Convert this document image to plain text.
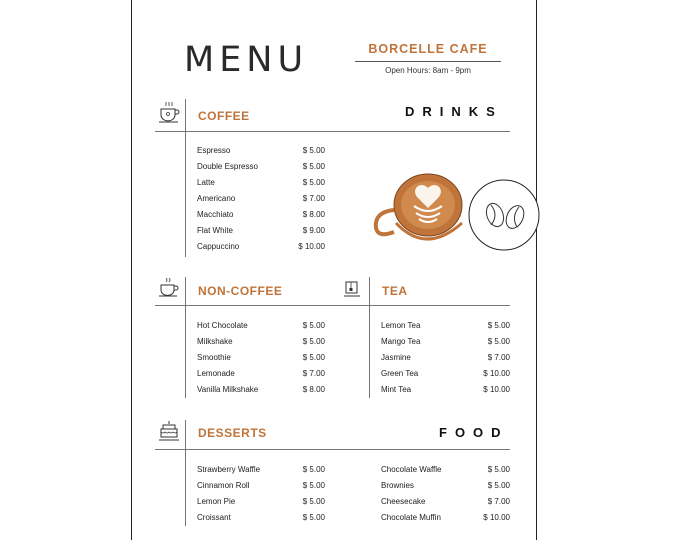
MENU	BORCELLE CAFE
Open Hours: 8am - 9pm
COFFEE	DRINKS
Espresso	$ 5.00
Double Espresso	$ 5.00
Latte	$ 5.00
Americano	$ 7.00
Macchiato	$ 8.00
Flat White	$ 9.00
Cappuccino	$ 10.00
NON-COFFEE
Hot Chocolate	$ 5.00
Milkshake	$ 5.00
Smoothie	$ 5.00
Lemonade	$ 7.00
Vanilla Milkshake	$ 8.00
TEA
Lemon Tea	$ 5.00
Mango Tea	$ 5.00
Jasmine	$ 7.00
Green Tea	$ 10.00
Mint Tea	$ 10.00
DESSERTS	FOOD
Strawberry Waffle	$ 5.00
Cinnamon Roll	$ 5.00
Lemon Pie	$ 5.00
Croissant	$ 5.00
Chocolate Waffle	$ 5.00
Brownies	$ 5.00
Cheesecake	$ 7.00
Chocolate Muffin	$ 10.00
